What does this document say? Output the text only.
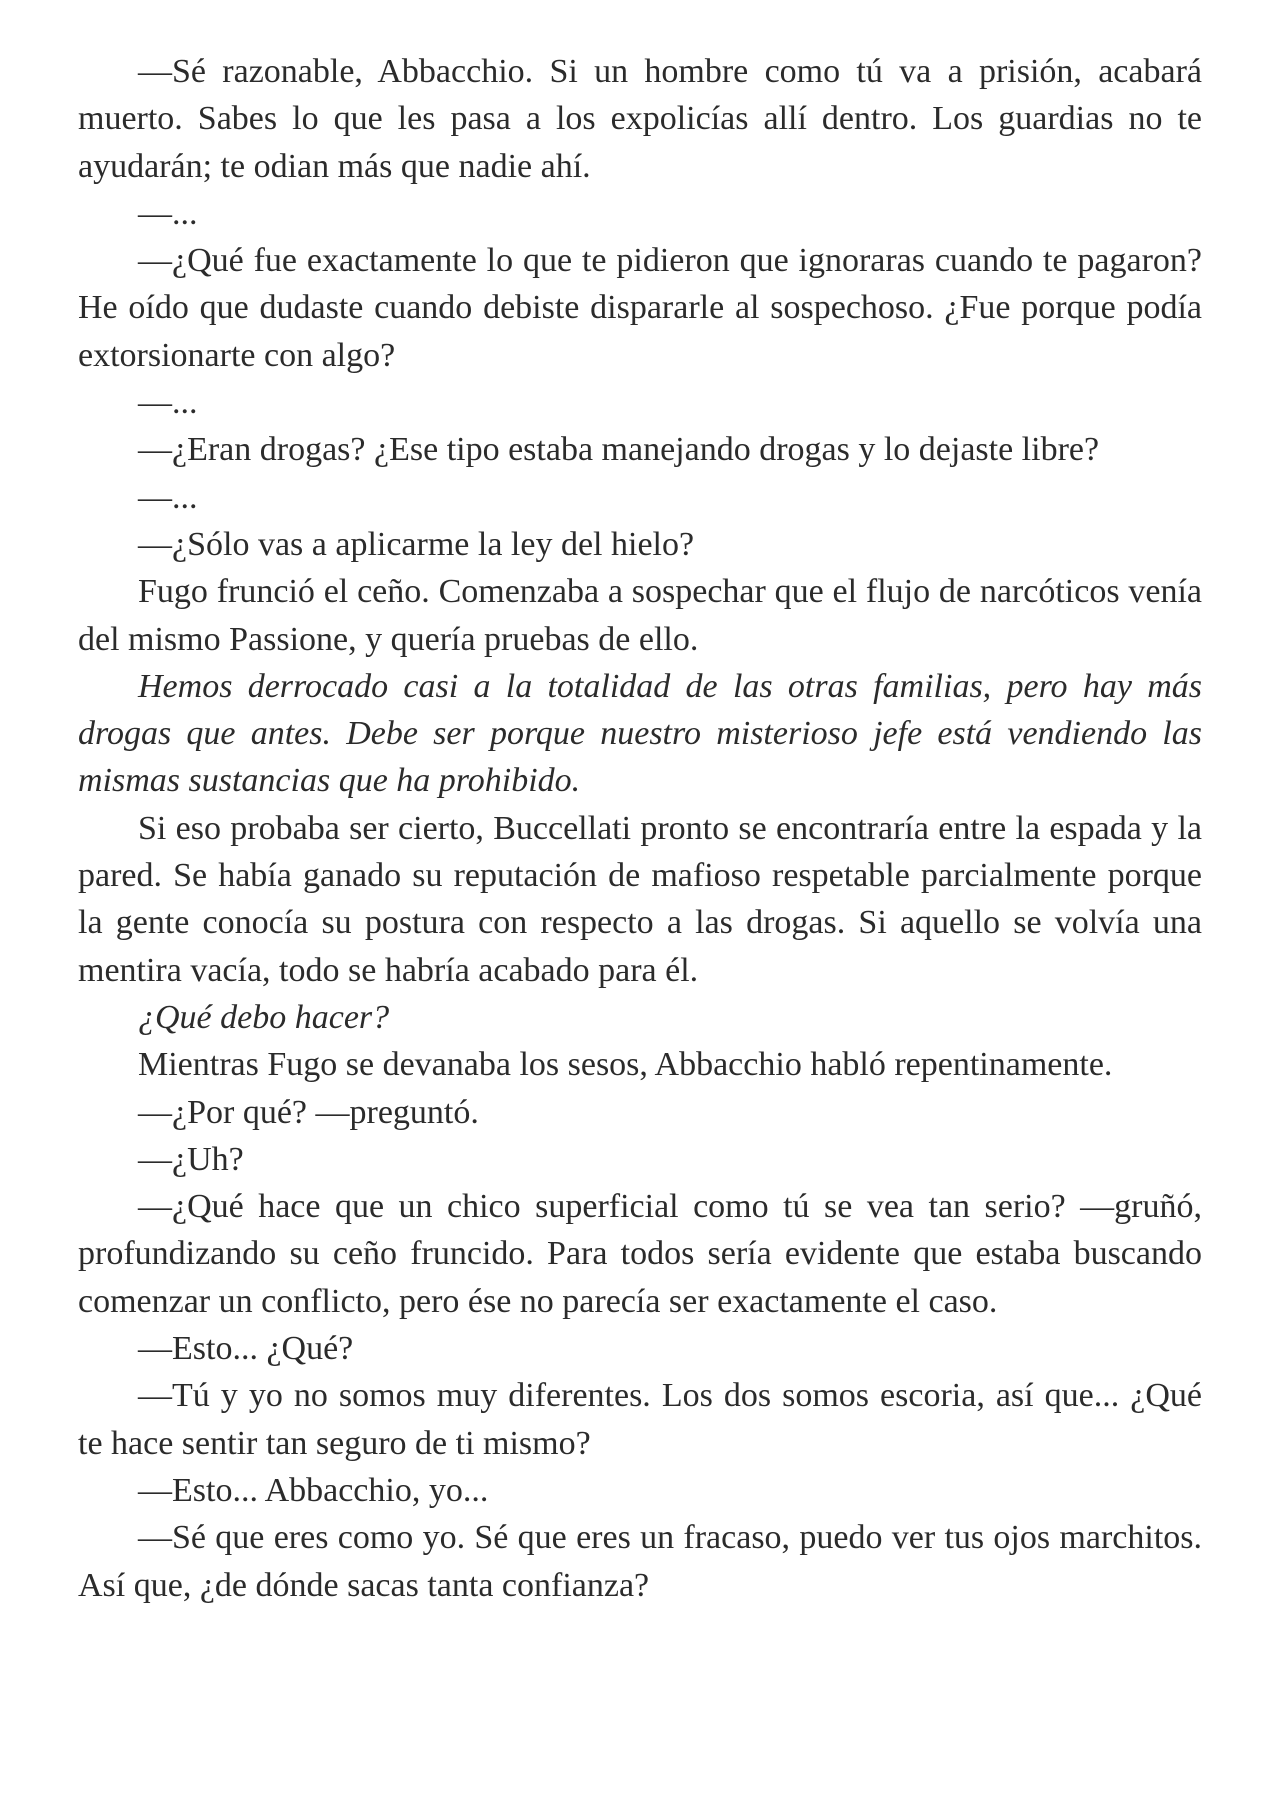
—Sé razonable, Abbacchio. Si un hombre como tú va a prisión, acabará muerto. Sabes lo que les pasa a los expolicías allí dentro. Los guardias no te ayudarán; te odian más que nadie ahí.

—...

—¿Qué fue exactamente lo que te pidieron que ignoraras cuando te pagaron? He oído que dudaste cuando debiste dispararle al sospechoso. ¿Fue porque podía extorsionarte con algo?

—...

—¿Eran drogas? ¿Ese tipo estaba manejando drogas y lo dejaste libre?

—...

—¿Sólo vas a aplicarme la ley del hielo?

Fugo frunció el ceño. Comenzaba a sospechar que el flujo de narcóticos venía del mismo Passione, y quería pruebas de ello.

Hemos derrocado casi a la totalidad de las otras familias, pero hay más drogas que antes. Debe ser porque nuestro misterioso jefe está vendiendo las mismas sustancias que ha prohibido.

Si eso probaba ser cierto, Buccellati pronto se encontraría entre la espada y la pared. Se había ganado su reputación de mafioso respetable parcialmente porque la gente conocía su postura con respecto a las drogas. Si aquello se volvía una mentira vacía, todo se habría acabado para él.

¿Qué debo hacer?

Mientras Fugo se devanaba los sesos, Abbacchio habló repentinamente.

—¿Por qué? —preguntó.

—¿Uh?

—¿Qué hace que un chico superficial como tú se vea tan serio? —gruñó, profundizando su ceño fruncido. Para todos sería evidente que estaba buscando comenzar un conflicto, pero ése no parecía ser exactamente el caso.

—Esto... ¿Qué?

—Tú y yo no somos muy diferentes. Los dos somos escoria, así que... ¿Qué te hace sentir tan seguro de ti mismo?

—Esto... Abbacchio, yo...

—Sé que eres como yo. Sé que eres un fracaso, puedo ver tus ojos marchitos. Así que, ¿de dónde sacas tanta confianza?
